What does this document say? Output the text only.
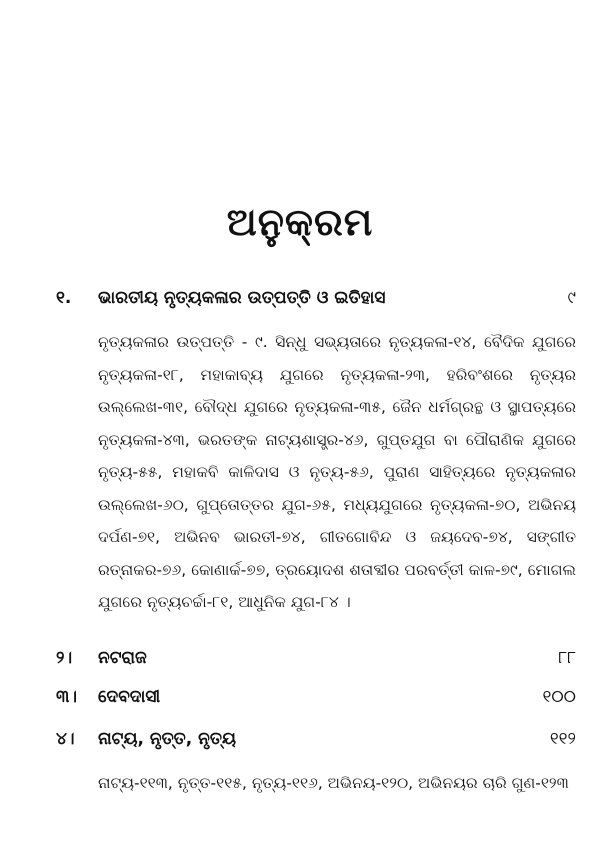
ଅନୁକ୍ରମ
୧. ଭାରତୀୟ ନୃତ୍ୟକଳାର ଉତ୍ପତ୍ତି ଓ ଇତିହାସ	୯
ନୃତ୍ୟକଳାର ଉତ୍ପତ୍ତି - ୯. ସିନ୍ଧୁ ସଭ୍ୟତାରେ ନୃତ୍ୟକଳା-୧୪, ବୈଦିକ ଯୁଗରେ ନୃତ୍ୟକଳା-୧୮, ମହାକାବ୍ୟ ଯୁଗରେ ନୃତ୍ୟକଳା-୨୩, ହରିବଂଶରେ ନୃତ୍ୟର ଉଲ୍ଲେଖ-୩୧, ବୌଦ୍ଧ ଯୁଗରେ ନୃତ୍ୟକଳା-୩୫, ଜୈନ ଧର୍ମଗ୍ରନ୍ଥ ଓ ସ୍ଥାପତ୍ୟରେ ନୃତ୍ୟକଳା-୪୩, ଭରତଙ୍କ ନାଟ୍ୟଶାସ୍ତ୍ର-୪୬, ଗୁପ୍ତଯୁଗ ବା ପୌରାଣିକ ଯୁଗରେ ନୃତ୍ୟ-୫୫, ମହାକବି କାଳିଦାସ ଓ ନୃତ୍ୟ-୫୬, ପୁରାଣ ସାହିତ୍ୟରେ ନୃତ୍ୟକଳାର ଉଲ୍ଲେଖ-୬୦, ଗୁପ୍ତୋତ୍ତର ଯୁଗ-୬୫, ମଧ୍ୟଯୁଗରେ ନୃତ୍ୟକଳା-୭୦, ଅଭିନୟ ଦର୍ପଣ-୭୧, ଅଭିନବ ଭାରତୀ-୭୪, ଗୀତଗୋବିନ୍ଦ ଓ ଜୟଦେବ-୭୪, ସଙ୍ଗୀତ ରତ୍ନାକର-୭୬, କୋଣାର୍କ-୭୭, ତ୍ରୟୋଦଶ ଶତାବ୍ଦୀର ପରବର୍ତ୍ତୀ କାଳ-୭୯, ମୋଗଲ ଯୁଗରେ ନୃତ୍ୟଚର୍ଚ୍ଚା-୮୧, ଆଧୁନିକ ଯୁଗ-୮୪ ।
୨। ନଟରାଜ	୮୮
୩। ଦେବଦାସୀ	୧୦୦
୪। ନାଟ୍ୟ, ନୃତ୍ତ, ନୃତ୍ୟ	୧୧୨
ନାଟ୍ୟ-୧୧୩, ନୃତ୍ତ-୧୧୫, ନୃତ୍ୟ-୧୧୬, ଅଭିନୟ-୧୨୦, ଅଭିନୟର ଚାରି ଗୁଣ-୧୨୩
